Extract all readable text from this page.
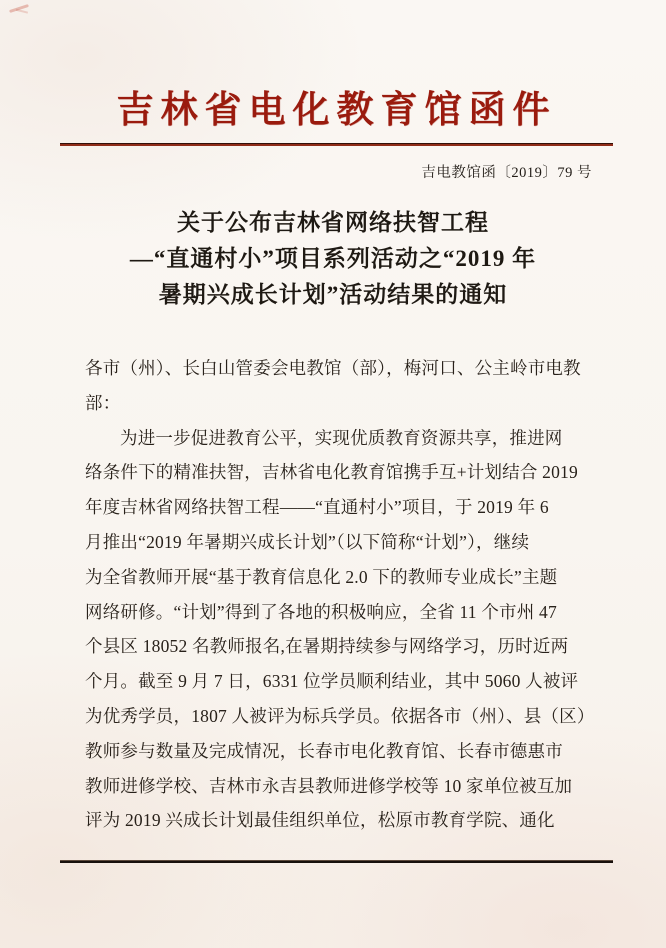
吉林省电化教育馆函件
吉电教馆函〔2019〕79 号
关于公布吉林省网络扶智工程
—“直通村小”项目系列活动之“2019 年
暑期兴成长计划”活动结果的通知
各市（州）、长白山管委会电教馆（部），梅河口、公主岭市电教
部：
为进一步促进教育公平，实现优质教育资源共享，推进网
络条件下的精准扶智，吉林省电化教育馆携手互+计划结合 2019
年度吉林省网络扶智工程——“直通村小”项目，于 2019 年 6
月推出“2019 年暑期兴成长计划”（以下简称“计划”），继续
为全省教师开展“基于教育信息化 2.0 下的教师专业成长”主题
网络研修。“计划”得到了各地的积极响应，全省 11 个市州 47
个县区 18052 名教师报名,在暑期持续参与网络学习，历时近两
个月。截至 9 月 7 日，6331 位学员顺利结业，其中 5060 人被评
为优秀学员，1807 人被评为标兵学员。依据各市（州）、县（区）
教师参与数量及完成情况，长春市电化教育馆、长春市德惠市
教师进修学校、吉林市永吉县教师进修学校等 10 家单位被互加
评为 2019 兴成长计划最佳组织单位，松原市教育学院、通化
